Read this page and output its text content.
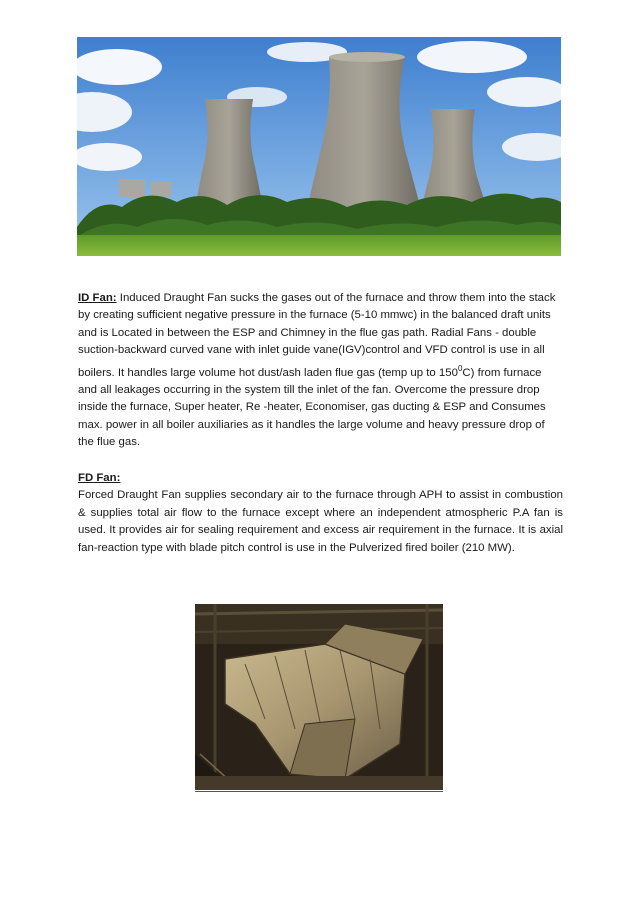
ID Fan: Induced Draught Fan sucks the gases out of the furnace and throw them into the stack by creating sufficient negative pressure in the furnace (5-10 mmwc) in the balanced draft units and is Located in between the ESP and Chimney in the flue gas path. Radial Fans - double suction-backward curved vane with inlet guide vane(IGV)control and VFD control is use in all boilers. It handles large volume hot dust/ash laden flue gas (temp up to $150^0C$) from furnace and all leakages occurring in the system till the inlet of the fan. Overcome the pressure drop inside the furnace, Super heater, Re -heater, Economiser, gas ducting & ESP and Consumes max. power in all boiler auxiliaries as it handles the large volume and heavy pressure drop of the flue gas.

FD Fan:

Forced Draught Fan supplies secondary air to the furnace through APH to assist in combustion & supplies total air flow to the furnace except where an independent atmospheric P.A fan is used. It provides air for sealing requirement and excess air requirement in the furnace. It is axial fan-reaction type with blade pitch control is use in the Pulverized fired boiler (210 MW).
